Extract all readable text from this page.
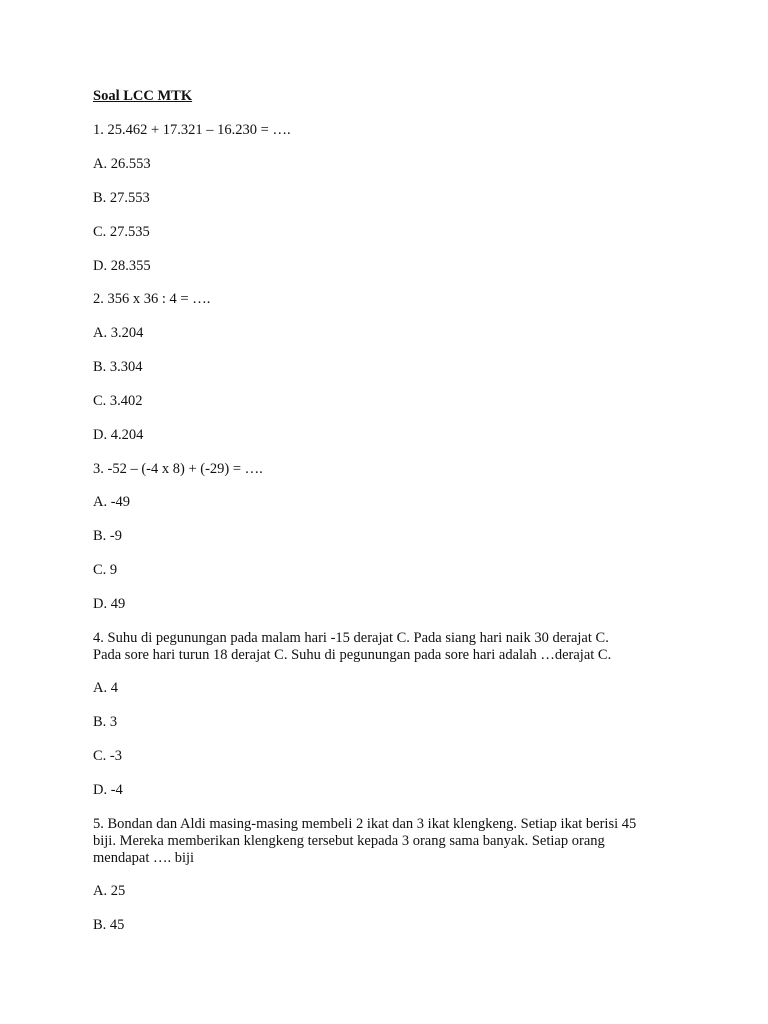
Soal LCC MTK
1. 25.462 + 17.321 – 16.230 = ….
A. 26.553
B. 27.553
C. 27.535
D. 28.355
2. 356 x 36 : 4 = ….
A. 3.204
B. 3.304
C. 3.402
D. 4.204
3. -52 – (-4 x 8) + (-29) = ….
A. -49
B. -9
C. 9
D. 49
4. Suhu di pegunungan pada malam hari -15 derajat C. Pada siang hari naik 30 derajat C.
Pada sore hari turun 18 derajat C. Suhu di pegunungan pada sore hari adalah …derajat C.
A. 4
B. 3
C. -3
D. -4
5. Bondan dan Aldi masing-masing membeli 2 ikat dan 3 ikat klengkeng. Setiap ikat berisi 45
biji. Mereka memberikan klengkeng tersebut kepada 3 orang sama banyak. Setiap orang
mendapat …. biji
A. 25
B. 45
